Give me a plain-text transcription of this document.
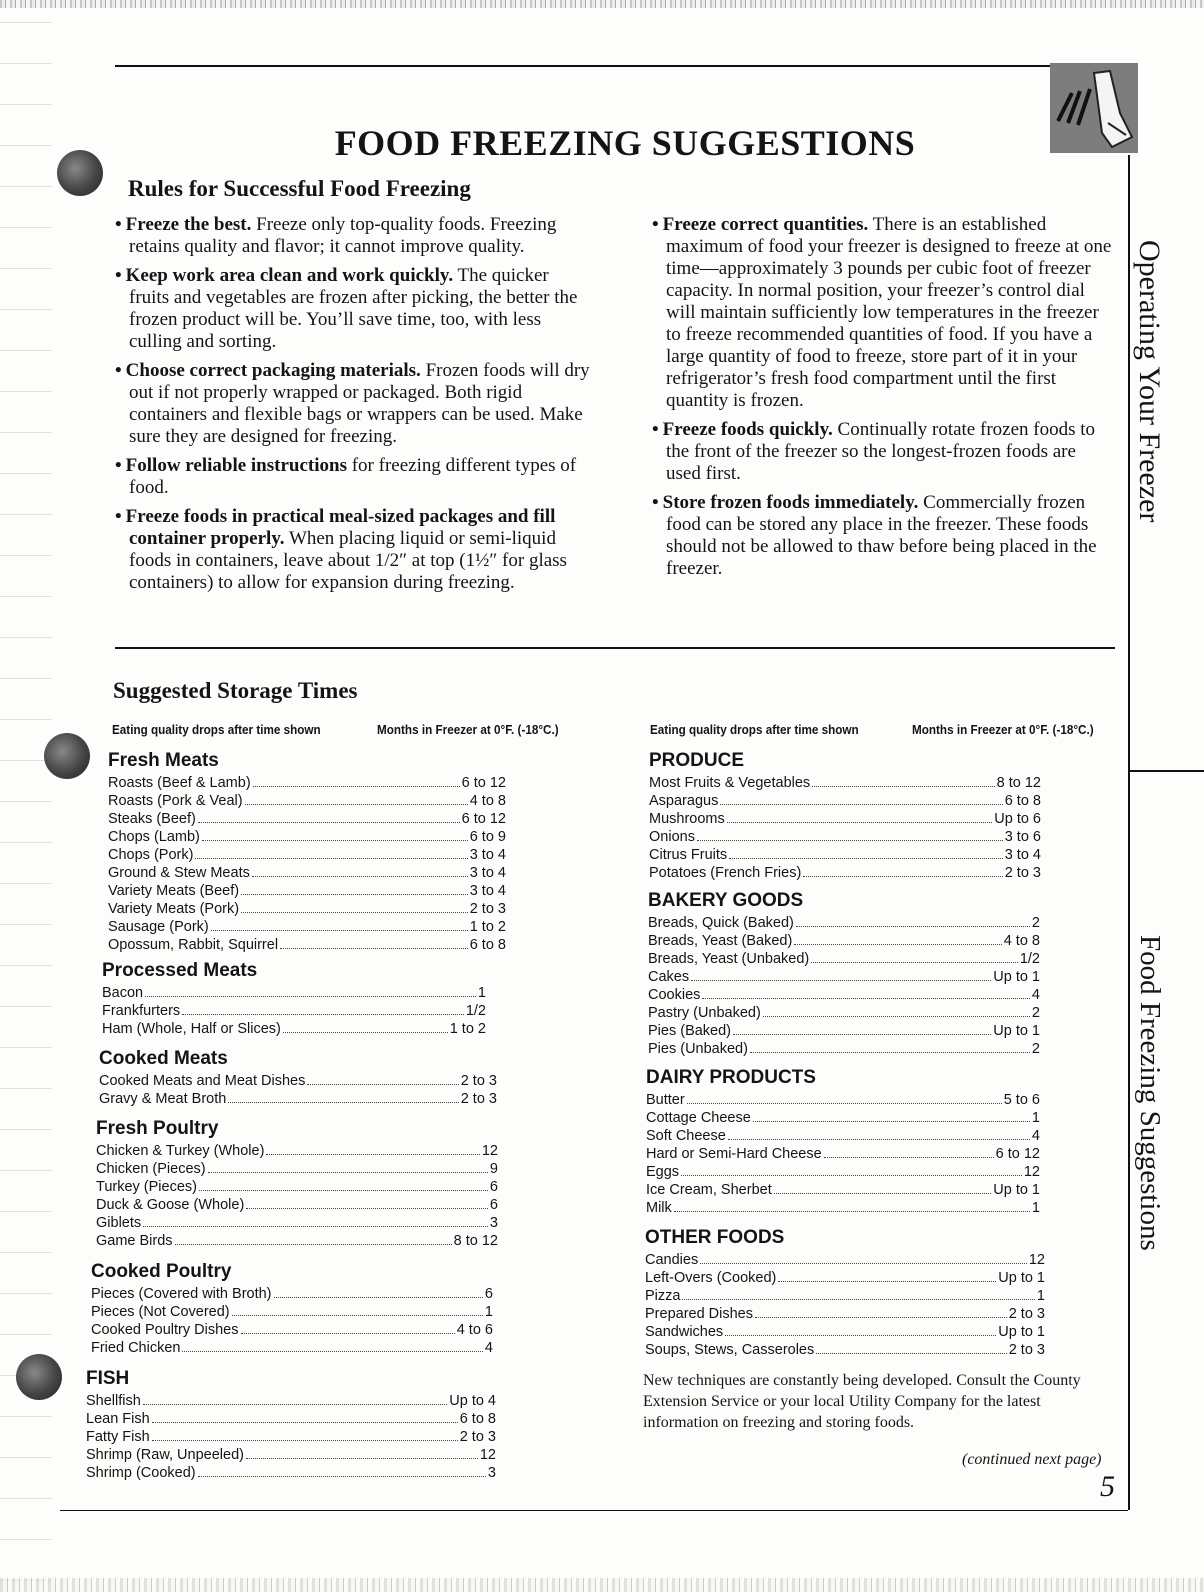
FOOD FREEZING SUGGESTIONS
Operating Your Freezer
Food Freezing Suggestions
Rules for Successful Food Freezing
• Freeze the best. Freeze only top-quality foods. Freezing retains quality and flavor; it cannot improve quality.
• Keep work area clean and work quickly. The quicker fruits and vegetables are frozen after picking, the better the frozen product will be. You’ll save time, too, with less culling and sorting.
• Choose correct packaging materials. Frozen foods will dry out if not properly wrapped or packaged. Both rigid containers and flexible bags or wrappers can be used. Make sure they are designed for freezing.
• Follow reliable instructions for freezing different types of food.
• Freeze foods in practical meal-sized packages and fill container properly. When placing liquid or semi-liquid foods in containers, leave about 1/2″ at top (1½″ for glass containers) to allow for expansion during freezing.
• Freeze correct quantities. There is an established maximum of food your freezer is designed to freeze at one time—approximately 3 pounds per cubic foot of freezer capacity. In normal position, your freezer’s control dial will maintain sufficiently low temperatures in the freezer to freeze recommended quantities of food. If you have a large quantity of food to freeze, store part of it in your refrigerator’s fresh food compartment until the first quantity is frozen.
• Freeze foods quickly. Continually rotate frozen foods to the front of the freezer so the longest-frozen foods are used first.
• Store frozen foods immediately. Commercially frozen food can be stored any place in the freezer. These foods should not be allowed to thaw before being placed in the freezer.
Suggested Storage Times
Eating quality drops after time shown	Months in Freezer at 0°F. (-18°C.)	Eating quality drops after time shown	Months in Freezer at 0°F. (-18°C.)
Fresh Meats
Roasts (Beef & Lamb)	6 to 12
Roasts (Pork & Veal)	4 to 8
Steaks (Beef)	6 to 12
Chops (Lamb)	6 to 9
Chops (Pork)	3 to 4
Ground & Stew Meats	3 to 4
Variety Meats (Beef)	3 to 4
Variety Meats (Pork)	2 to 3
Sausage (Pork)	1 to 2
Opossum, Rabbit, Squirrel	6 to 8
Processed Meats
Bacon	1
Frankfurters	1/2
Ham (Whole, Half or Slices)	1 to 2
Cooked Meats
Cooked Meats and Meat Dishes	2 to 3
Gravy & Meat Broth	2 to 3
Fresh Poultry
Chicken & Turkey (Whole)	12
Chicken (Pieces)	9
Turkey (Pieces)	6
Duck & Goose (Whole)	6
Giblets	3
Game Birds	8 to 12
Cooked Poultry
Pieces (Covered with Broth)	6
Pieces (Not Covered)	1
Cooked Poultry Dishes	4 to 6
Fried Chicken	4
FISH
Shellfish	Up to 4
Lean Fish	6 to 8
Fatty Fish	2 to 3
Shrimp (Raw, Unpeeled)	12
Shrimp (Cooked)	3
PRODUCE
Most Fruits & Vegetables	8 to 12
Asparagus	6 to 8
Mushrooms	Up to 6
Onions	3 to 6
Citrus Fruits	3 to 4
Potatoes (French Fries)	2 to 3
BAKERY GOODS
Breads, Quick (Baked)	2
Breads, Yeast (Baked)	4 to 8
Breads, Yeast (Unbaked)	1/2
Cakes	Up to 1
Cookies	4
Pastry (Unbaked)	2
Pies (Baked)	Up to 1
Pies (Unbaked)	2
DAIRY PRODUCTS
Butter	5 to 6
Cottage Cheese	1
Soft Cheese	4
Hard or Semi-Hard Cheese	6 to 12
Eggs	12
Ice Cream, Sherbet	Up to 1
Milk	1
OTHER FOODS
Candies	12
Left-Overs (Cooked)	Up to 1
Pizza	1
Prepared Dishes	2 to 3
Sandwiches	Up to 1
Soups, Stews, Casseroles	2 to 3
New techniques are constantly being developed. Consult the County Extension Service or your local Utility Company for the latest information on freezing and storing foods.
(continued next page)
5
